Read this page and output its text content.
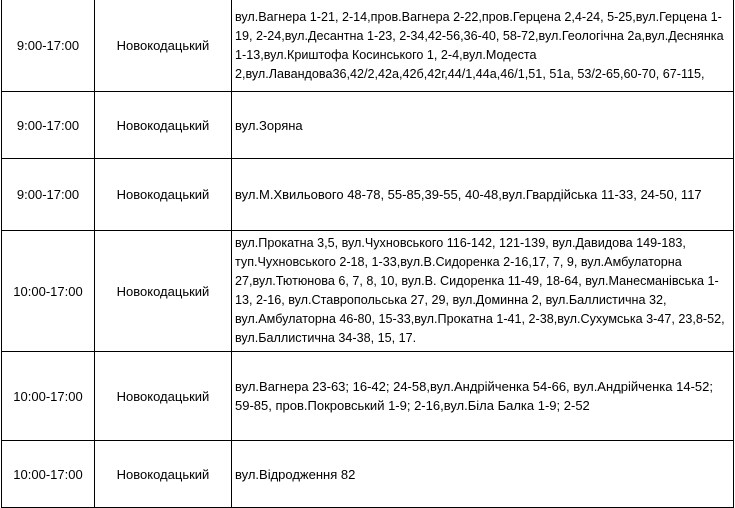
9:00-17:00	Новокодацький	вул.Вагнера 1-21, 2-14,пров.Вагнера 2-22,пров.Герцена 2,4-24, 5-25,вул.Герцена 1-19, 2-24,вул.Десантна 1-23, 2-34,42-56,36-40, 58-72,вул.Геологічна 2а,вул.Деснянка 1-13,вул.Криштофа Косинського 1, 2-4,вул.Модеста 2,вул.Лавандова36,42/2,42а,42б,42г,44/1,44а,46/1,51, 51а, 53/2-65,60-70, 67-115,
9:00-17:00	Новокодацький	вул.Зоряна
9:00-17:00	Новокодацький	вул.М.Хвильового 48-78, 55-85,39-55, 40-48,вул.Гвардійська 11-33, 24-50, 117
10:00-17:00	Новокодацький	вул.Прокатна 3,5, вул.Чухновського 116-142, 121-139, вул.Давидова 149-183, туп.Чухновського 2-18, 1-33,вул.В.Сидоренка 2-16,17, 7, 9, вул.Амбулаторна 27,вул.Тютюнова 6, 7, 8, 10, вул.В. Сидоренка 11-49, 18-64, вул.Манесманівська 1-13, 2-16, вул.Ставропольська 27, 29, вул.Доминна 2, вул.Баллистична 32, вул.Амбулаторна 46-80, 15-33,вул.Прокатна 1-41, 2-38,вул.Сухумська 3-47, 23,8-52, вул.Баллистична 34-38, 15, 17.
10:00-17:00	Новокодацький	вул.Вагнера 23-63; 16-42; 24-58,вул.Андрійченка 54-66, вул.Андрійченка 14-52; 59-85, пров.Покровський 1-9; 2-16,вул.Біла Балка 1-9; 2-52
10:00-17:00	Новокодацький	вул.Відродження 82
